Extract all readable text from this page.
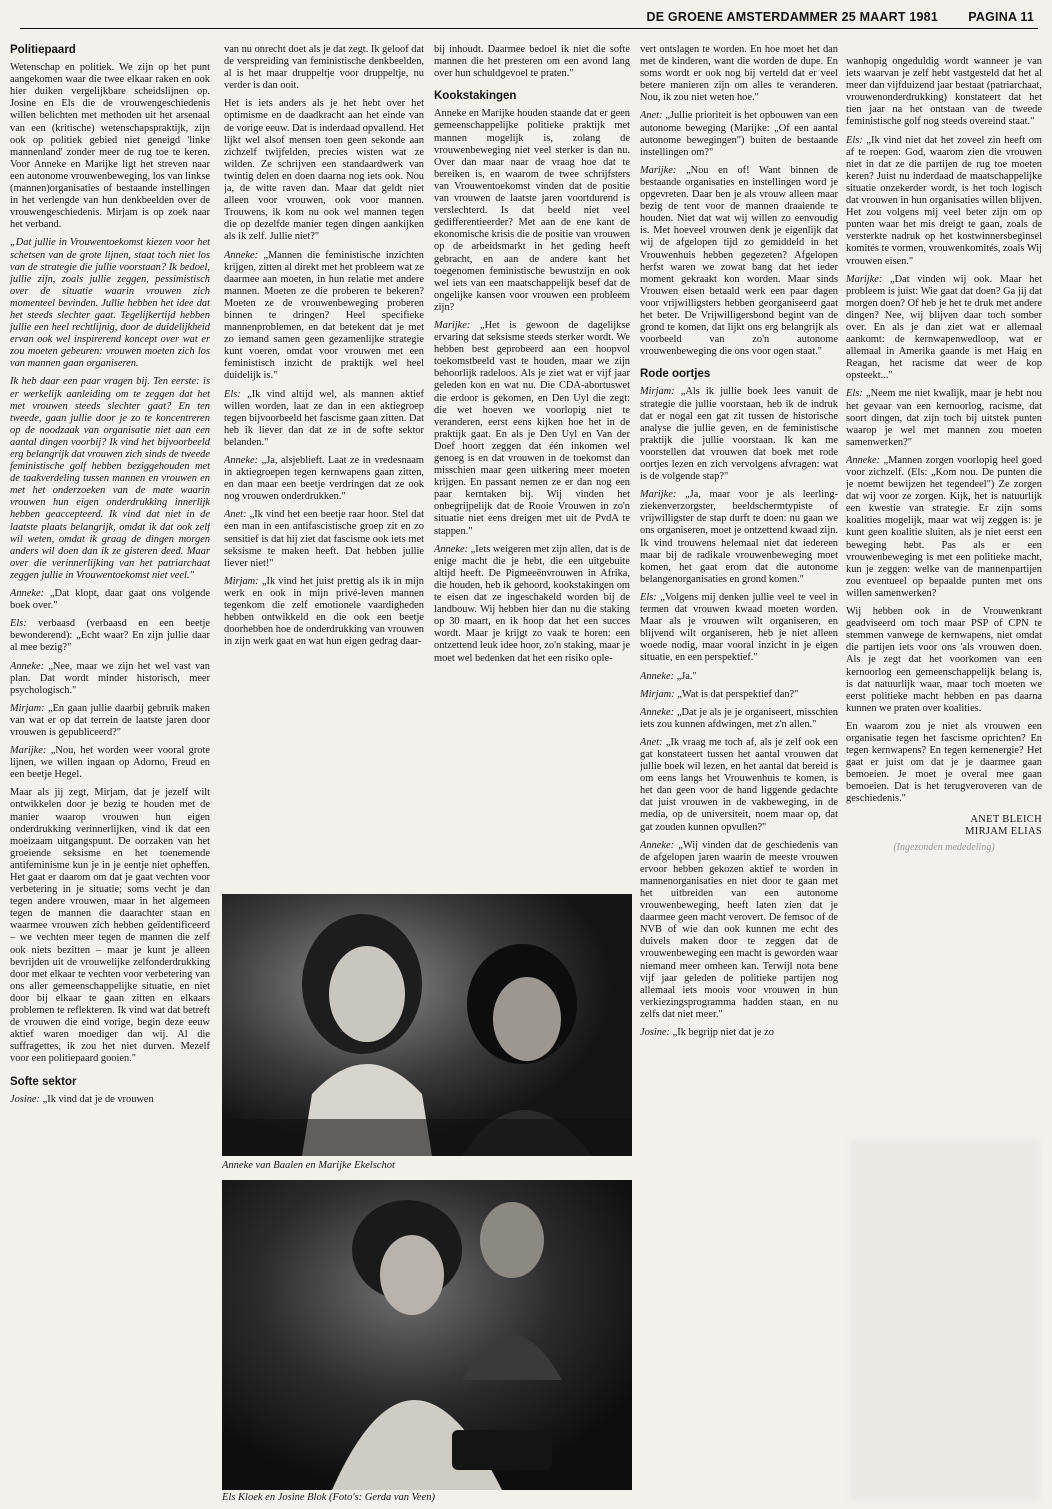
DE GROENE AMSTERDAMMER 25 MAART 1981 PAGINA 11
Politiepaard

Wetenschap en politiek. We zijn op het punt aangekomen waar die twee elkaar raken en ook hier duiken vergelijkbare scheidslijnen op. Josine en Els die de vrouwengeschiedenis willen belichten met methoden uit het arsenaal van een (kritische) wetenschapspraktijk, zijn ook op politiek gebied niet geneigd 'linke mannenland' zonder meer de rug toe te keren. Voor Anneke en Marijke ligt het streven naar een autonome vrouwenbeweging, los van linkse (mannen)organisaties of bestaande instellingen in het verlengde van hun denkbeelden over de vrouwengeschiedenis. Mirjam is op zoek naar het verband.

„Dat jullie in Vrouwentoekomst kiezen voor het schetsen van de grote lijnen, staat toch niet los van de strategie die jullie voorstaan? Ik bedoel, jullie zijn, zoals jullie zeggen, pessimistisch over de situatie waarin vrouwen zich momenteel bevinden. Jullie hebben het idee dat het steeds slechter gaat. Tegelijkertijd hebben jullie een heel rechtlijnig, door de duidelijkheid ervan ook wel inspirerend koncept over wat er zou moeten gebeuren: vrouwen moeten zich los van mannen gaan organiseren.

Ik heb daar een paar vragen bij. Ten eerste: is er werkelijk aanleiding om te zeggen dat het met vrouwen steeds slechter gaat? En ten tweede, gaan jullie door je zo te koncentreren op de noodzaak van organisatie niet aan een aantal dingen voorbij? Ik vind het bijvoorbeeld erg belangrijk dat vrouwen zich sinds de tweede feministische golf hebben beziggehouden met de taakverdeling tussen mannen en vrouwen en met het onderzoeken van de mate waarin vrouwen hun eigen onderdrukking innerlijk hebben geaccepteerd. Ik vind dat niet in de laatste plaats belangrijk, omdat ik dat ook zelf wil weten, omdat ik graag de dingen morgen anders wil doen dan ik ze gisteren deed. Maar over die verinnerlijking van het patriarchaat zeggen jullie in Vrouwentoekomst niet veel."

Anneke: „Dat klopt, daar gaat ons volgende boek over."

Els: verbaasd (verbaasd en een beetje bewonderend): „Echt waar? En zijn jullie daar al mee bezig?"

Anneke: „Nee, maar we zijn het wel vast van plan. Dat wordt minder historisch, meer psychologisch."

Mirjam: „En gaan jullie daarbij gebruik maken van wat er op dat terrein de laatste jaren door vrouwen is gepubliceerd?"

Marijke: „Nou, het worden weer vooral grote lijnen, we willen ingaan op Adorno, Freud en een beetje Hegel.

Maar als jij zegt, Mirjam, dat je jezelf wilt ontwikkelen door je bezig te houden met de manier waarop vrouwen hun eigen onderdrukking verinnerlijken, vind ik dat een moeizaam uitgangspunt. De oorzaken van het groeiende seksisme en het toenemende antifeminisme kun je in je eentje niet opheffen. Het gaat er daarom om dat je gaat vechten voor verbetering in je situatie; soms vecht je dan tegen andere vrouwen, maar in het algemeen tegen de mannen die daarachter staan en waarmee vrouwen zich hebben geïdentificeerd – we vechten meer tegen de mannen die zelf ook niets bezitten – maar je kunt je alleen bevrijden uit de vrouwelijke zelfonderdrukking door met elkaar te vechten voor verbetering van ons aller gemeenschappelijke situatie, en niet door bij elkaar te gaan zitten en elkaars problemen te reflekteren. Ik vind wat dat betreft de vrouwen die eind vorige, begin deze eeuw aktief waren moediger dan wij. Al die suffragettes, ik zou het niet durven. Mezelf voor een politiepaard gooien."

Softe sektor

Josine: „Ik vind dat je de vrouwen

van nu onrecht doet als je dat zegt. Ik geloof dat de verspreiding van feministische denkbeelden, al is het maar druppeltje voor druppeltje, nu verder is dan ooit.

Het is iets anders als je het hebt over het optimisme en de daadkracht aan het einde van de vorige eeuw. Dat is inderdaad opvallend. Het lijkt wel alsof mensen toen geen sekonde aan zichzelf twijfelden, precies wisten wat ze wilden. Ze schrijven een standaardwerk van twintig delen en doen daarna nog iets ook. Nou ja, de witte raven dan. Maar dat geldt niet alleen voor vrouwen, ook voor mannen. Trouwens, ik kom nu ook wel mannen tegen die op dezelfde manier tegen dingen aankijken als ik zelf. Jullie niet?"

Anneke: „Mannen die feministische inzichten krijgen, zitten al direkt met het probleem wat ze daarmee aan moeten, in hun relatie met andere mannen. Moeten ze die proberen te bekeren? Moeten ze de vrouwenbeweging proberen binnen te dringen? Heel specifieke mannenproblemen, en dat betekent dat je met zo iemand samen geen gezamenlijke strategie kunt voeren, omdat voor vrouwen met een feministisch inzicht de praktijk wel heel duidelijk is."

Els: „Ik vind altijd wel, als mannen aktief willen worden, laat ze dan in een aktiegroep tegen bijvoorbeeld het fascisme gaan zitten. Dat heb ik liever dan dat ze in de softe sektor belanden."

Anneke: „Ja, alsjeblieft. Laat ze in vredesnaam in aktiegroepen tegen kernwapens gaan zitten, en dan maar een beetje verdringen dat ze ook nog vrouwen onderdrukken."

Anet: „Ik vind het een beetje raar hoor. Stel dat een man in een antifascistische groep zit en zo sensitief is dat hij ziet dat fascisme ook iets met seksisme te maken heeft. Dat hebben jullie liever niet!"

Mirjam: „Ik vind het juist prettig als ik in mijn werk en ook in mijn privé-leven mannen tegenkom die zelf emotionele vaardigheden hebben ontwikkeld en die ook een beetje doorhebben hoe de onderdrukking van vrouwen in zijn werk gaat en wat hun eigen gedrag daar-

bij inhoudt. Daarmee bedoel ik niet die softe mannen die het presteren om een avond lang over hun schuldgevoel te praten."

Kookstakingen

Anneke en Marijke houden staande dat er geen gemeenschappelijke politieke praktijk met mannen mogelijk is, zolang de vrouwenbeweging niet veel sterker is dan nu. Over dan maar naar de vraag hoe dat te bereiken is, en waarom de twee schrijfsters van Vrouwentoekomst vinden dat de positie van vrouwen de laatste jaren voortdurend is verslechterd. Is dat beeld niet veel gedifferentieerder? Met aan de ene kant de ekonomische krisis die de positie van vrouwen op de arbeidsmarkt in het geding heeft gebracht, en aan de andere kant het toegenomen feministische bewustzijn en ook wel iets van een maatschappelijk besef dat de ongelijke kansen voor vrouwen een probleem zijn?

Marijke: „Het is gewoon de dagelijkse ervaring dat seksisme steeds sterker wordt. We hebben best geprobeerd aan een hoopvol toekomstbeeld vast te houden, maar we zijn behoorlijk radeloos. Als je ziet wat er vijf jaar geleden kon en wat nu. Die CDA-abortuswet die erdoor is gekomen, en Den Uyl die zegt: die wet hoeven we voorlopig niet te veranderen, eerst eens kijken hoe het in de praktijk gaat. En als je Den Uyl en Van der Doef hoort zeggen dat één inkomen wel genoeg is en dat vrouwen in de toekomst dan misschien maar geen uitkering meer moeten krijgen. En passant nemen ze er dan nog een paar kerntaken bij. Wij vinden het onbegrijpelijk dat de Rooie Vrouwen in zo'n situatie niet eens dreigen met uit de PvdA te stappen."

Anneke: „Iets weigeren met zijn allen, dat is de enige macht die je hebt, die een uitgebuite altijd heeft. De Pigmeeënvrouwen in Afrika, die houden, heb ik gehoord, kookstakingen om te eisen dat ze ingeschakeld worden bij de landbouw. Wij hebben hier dan nu die staking op 30 maart, en ik hoop dat het een succes wordt. Maar je krijgt zo vaak te horen: een ontzettend leuk idee hoor, zo'n staking, maar je moet wel bedenken dat het een risiko ople-

Anneke van Baalen en Marijke Ekelschot
Els Kloek en Josine Blok (Foto's: Gerda van Veen)

vert ontslagen te worden. En hoe moet het dan met de kinderen, want die worden de dupe. En soms wordt er ook nog bij verteld dat er veel betere manieren zijn om alles te veranderen. Nou, ik zou niet weten hoe."

Anet: „Jullie prioriteit is het opbouwen van een autonome beweging (Marijke: „Of een aantal autonome bewegingen") buiten de bestaande instellingen om?"

Marijke: „Nou en of! Want binnen de bestaande organisaties en instellingen word je opgevreten. Daar ben je als vrouw alleen maar bezig de tent voor de mannen draaiende te houden. Niet dat wat wij willen zo eenvoudig is. Met hoeveel vrouwen denk je eigenlijk dat wij de afgelopen tijd zo gemiddeld in het Vrouwenhuis hebben gegezeten? Afgelopen herfst waren we zowat bang dat het ieder moment gekraakt kon worden. Maar sinds Vrouwen eisen betaald werk een paar dagen voor vrijwilligsters hebben georganiseerd gaat het beter. De Vrijwilligersbond begint van de grond te komen, dat lijkt ons erg belangrijk als voorbeeld van zo'n autonome vrouwenbeweging die ons voor ogen staat."

Rode oortjes

Mirjam: „Als ik jullie boek lees vanuit de strategie die jullie voorstaan, heb ik de indruk dat er nogal een gat zit tussen de historische analyse die jullie geven, en de feministische praktijk die jullie voorstaan. Ik kan me voorstellen dat vrouwen dat boek met rode oortjes lezen en zich vervolgens afvragen: wat is de volgende stap?"

Marijke: „Ja, maar voor je als leerling-ziekenverzorgster, beeldschermtypiste of vrijwilligster de stap durft te doen: nu gaan we ons organiseren, moet je ontzettend kwaad zijn. Ik vind trouwens helemaal niet dat iedereen maar bij de radikale vrouwenbeweging moet komen, het gaat erom dat die autonome belangenorganisaties en grond komen."

Els: „Volgens mij denken jullie veel te veel in termen dat vrouwen kwaad moeten worden. Maar als je vrouwen wilt organiseren, en blijvend wilt organiseren, heb je niet alleen woede nodig, maar vooral inzicht in je eigen situatie, en een perspektief."

Anneke: „Ja."

Mirjam: „Wat is dat perspektief dan?"

Anneke: „Dat je als je je organiseert, misschien iets zou kunnen afdwingen, met z'n allen."

Anet: „Ik vraag me toch af, als je zelf ook een gat konstateert tussen het aantal vrouwen dat jullie boek wil lezen, en het aantal dat bereid is om eens langs het Vrouwenhuis te komen, is het dan geen voor de hand liggende gedachte dat juist vrouwen in de vakbeweging, in de media, op de universiteit, noem maar op, dat gat zouden kunnen opvullen?"

Anneke: „Wij vinden dat de geschiedenis van de afgelopen jaren waarin de meeste vrouwen ervoor hebben gekozen aktief te worden in mannenorganisaties en niet door te gaan met het uitbreiden van een autonome vrouwenbeweging, heeft laten zien dat je daarmee geen macht verovert. De femsoc of de NVB of wie dan ook kunnen me echt des duivels maken door te zeggen dat de vrouwenbeweging een macht is geworden waar niemand meer omheen kan. Terwijl nota bene vijf jaar geleden de politieke partijen nog allemaal iets moois voor vrouwen in hun verkiezingsprogramma hadden staan, en nu zelfs dat niet meer."

Josine: „Ik begrijp niet dat je zo

wanhopig ongeduldig wordt wanneer je van iets waarvan je zelf hebt vastgesteld dat het al meer dan vijfduizend jaar bestaat (patriarchaat, vrouwenonderdrukking) konstateert dat het tien jaar na het ontstaan van de tweede feministische golf nog steeds overeind staat."

Els: „Ik vind niet dat het zoveel zin heeft om af te roepen: God, waarom zien die vrouwen niet in dat ze die partijen de rug toe moeten keren? Juist nu inderdaad de maatschappelijke situatie onzekerder wordt, is het toch logisch dat vrouwen in hun organisaties willen blijven. Het zou volgens mij veel beter zijn om op punten waar het mis dreigt te gaan, zoals de versterkte nadruk op het kostwinnersbeginsel komités te vormen, vrouwenkomités, zoals Wij vrouwen eisen."

Marijke: „Dat vinden wij ook. Maar het probleem is juist: Wie gaat dat doen? Ga jij dat morgen doen? Of heb je het te druk met andere dingen? Nee, wij blijven daar toch somber over. En als je dan ziet wat er allemaal aankomt: de kernwapenwedloop, wat er allemaal in Amerika gaande is met Haig en Reagan, het racisme dat weer de kop opsteekt..."

Els: „Neem me niet kwalijk, maar je hebt nou het gevaar van een kernoorlog, racisme, dat soort dingen, dat zijn toch bij uitstek punten waarop je wel met mannen zou moeten samenwerken?"

Anneke: „Mannen zorgen voorlopig heel goed voor zichzelf. (Els: „Kom nou. De punten die je noemt bewijzen het tegendeel") Ze zorgen dat wij voor ze zorgen. Kijk, het is natuurlijk een kwestie van strategie. Er zijn soms koalities mogelijk, maar wat wij zeggen is: je kunt geen koalitie sluiten, als je niet eerst een beweging hebt. Pas als er een vrouwenbeweging is met een politieke macht, kun je zeggen: welke van de mannenpartijen zou eventueel op bepaalde punten met ons willen samenwerken?

Wij hebben ook in de Vrouwenkrant geadviseerd om toch maar PSP of CPN te stemmen vanwege de kernwapens, niet omdat die partijen iets voor ons 'als vrouwen doen. Als je zegt dat het voorkomen van een kernoorlog een gemeenschappelijk belang is, is dat natuurlijk waar, maar toch moeten we eerst politieke macht hebben en pas daarna kunnen we praten over koalities.

En waarom zou je niet als vrouwen een organisatie tegen het fascisme oprichten? En tegen kernwapens? En tegen kernenergie? Het gaat er juist om dat je je daarmee gaan bemoeien. Je moet je overal mee gaan bemoeien. Dat is het terugveroveren van de geschiedenis."

ANET BLEICH
MIRJAM ELIAS
(Ingezonden mededeling)
